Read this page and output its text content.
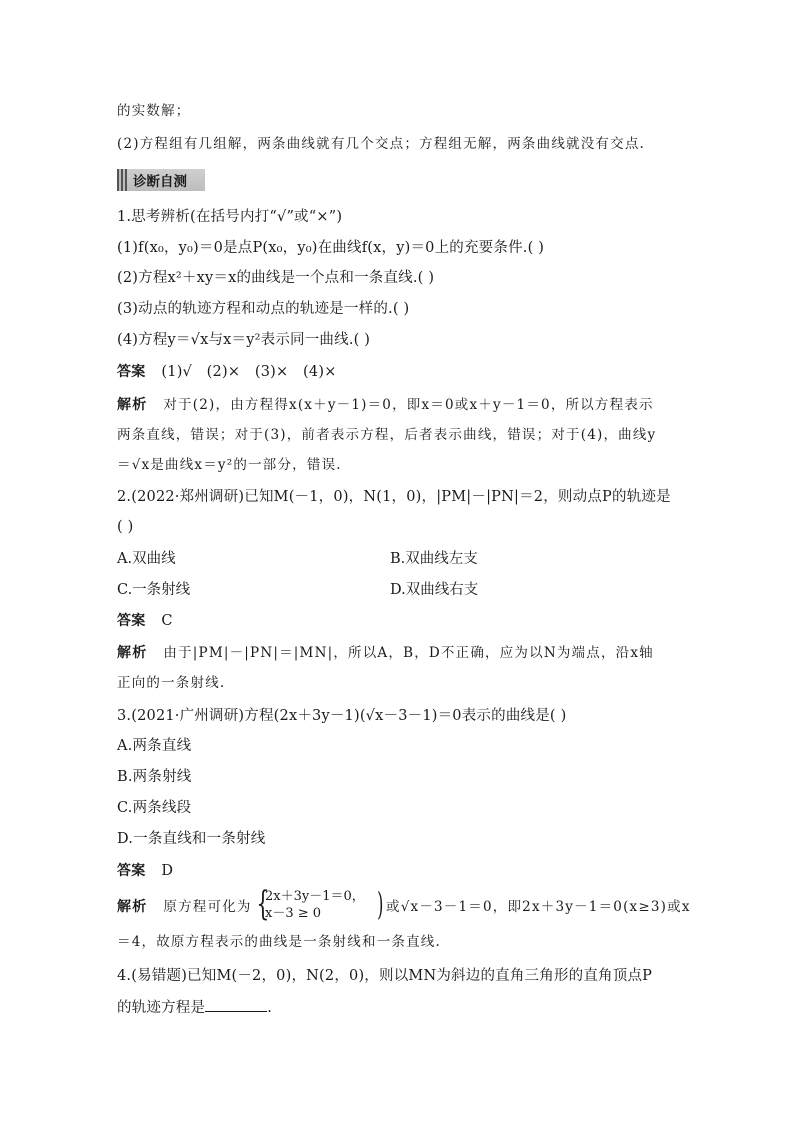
的实数解；
(2)方程组有几组解，两条曲线就有几个交点；方程组无解，两条曲线就没有交点.
诊断自测
1.思考辨析(在括号内打“√”或“×”)
(1)f(x₀，y₀)＝0是点P(x₀，y₀)在曲线f(x，y)＝0上的充要条件.( )
(2)方程x²＋xy＝x的曲线是一个点和一条直线.( )
(3)动点的轨迹方程和动点的轨迹是一样的.( )
(4)方程y＝√x与x＝y²表示同一曲线.( )
答案 (1)√　(2)×　(3)×　(4)×
解析 对于(2)，由方程得x(x＋y－1)＝0，即x＝0或x＋y－1＝0，所以方程表示
两条直线，错误；对于(3)，前者表示方程，后者表示曲线，错误；对于(4)，曲线y
＝√x是曲线x＝y²的一部分，错误.
2.(2022·郑州调研)已知M(－1，0)，N(1，0)，|PM|－|PN|＝2，则动点P的轨迹是
( )
A.双曲线	B.双曲线左支
C.一条射线	D.双曲线右支
答案 C
解析 由于|PM|－|PN|＝|MN|，所以A，B，D不正确，应为以N为端点，沿x轴
正向的一条射线.
3.(2021·广州调研)方程(2x＋3y－1)(√x－3－1)＝0表示的曲线是( )
A.两条直线
B.两条射线
C.两条线段
D.一条直线和一条射线
答案 D
解析 原方程可化为 {
2x＋3y－1＝0，
x－3 ≥ 0 ) 或√x－3－1＝0，即2x＋3y－1＝0(x≥3)或x
＝4，故原方程表示的曲线是一条射线和一条直线.
4.(易错题)已知M(－2，0)，N(2，0)，则以MN为斜边的直角三角形的直角顶点P
的轨迹方程是	.
